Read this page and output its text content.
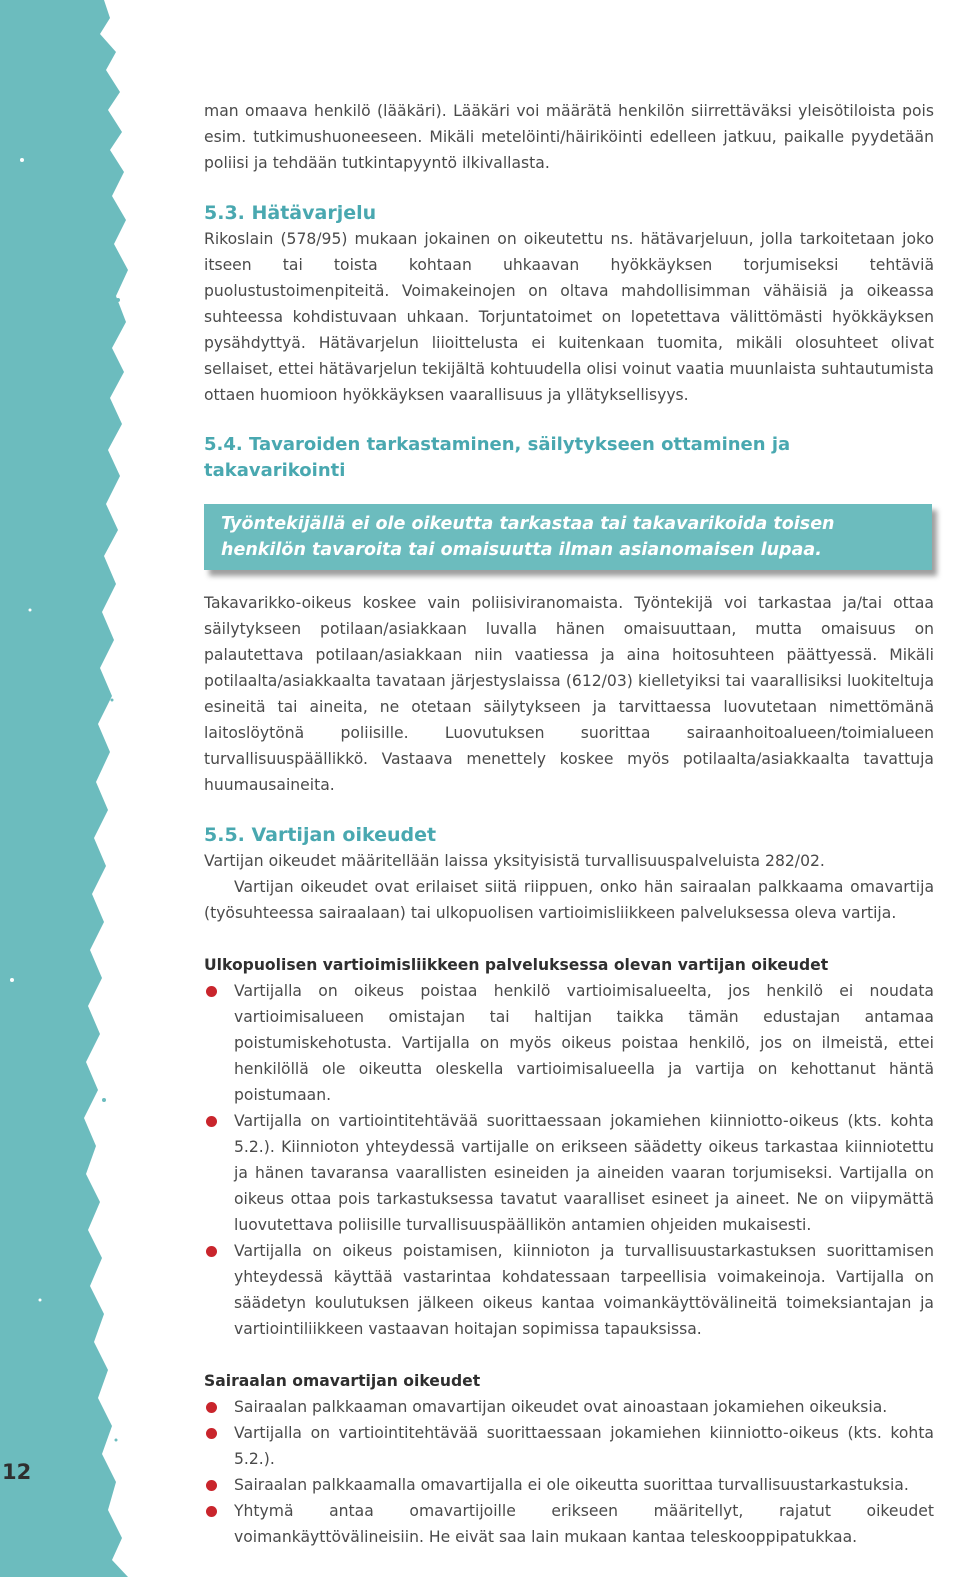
12

man omaava henkilö (lääkäri). Lääkäri voi määrätä henkilön siirrettäväksi yleisötiloista pois esim. tutkimushuoneeseen. Mikäli metelöinti/häiriköinti edelleen jatkuu, paikalle pyydetään poliisi ja tehdään tutkintapyyntö ilkivallasta.

5.3. Hätävarjelu

Rikoslain (578/95) mukaan jokainen on oikeutettu ns. hätävarjeluun, jolla tarkoitetaan joko itseen tai toista kohtaan uhkaavan hyökkäyksen torjumiseksi tehtäviä puolustustoimenpiteitä. Voimakeinojen on oltava mahdollisimman vähäisiä ja oikeassa suhteessa kohdistuvaan uhkaan. Torjuntatoimet on lopetettava välittömästi hyökkäyksen pysähdyttyä. Hätävarjelun liioittelusta ei kuitenkaan tuomita, mikäli olosuhteet olivat sellaiset, ettei hätävarjelun tekijältä kohtuudella olisi voinut vaatia muunlaista suhtautumista ottaen huomioon hyökkäyksen vaarallisuus ja yllätyksellisyys.

5.4. Tavaroiden tarkastaminen, säilytykseen ottaminen ja takavarikointi
Työntekijällä ei ole oikeutta tarkastaa tai takavarikoida toisen henkilön tavaroita tai omaisuutta ilman asianomaisen lupaa.

Takavarikko-oikeus koskee vain poliisiviranomaista. Työntekijä voi tarkastaa ja/tai ottaa säilytykseen potilaan/asiakkaan luvalla hänen omaisuuttaan, mutta omaisuus on palautettava potilaan/asiakkaan niin vaatiessa ja aina hoitosuhteen päättyessä. Mikäli potilaalta/asiakkaalta tavataan järjestyslaissa (612/03) kielletyiksi tai vaarallisiksi luokiteltuja esineitä tai aineita, ne otetaan säilytykseen ja tarvittaessa luovutetaan nimettömänä laitoslöytönä poliisille. Luovutuksen suorittaa sairaanhoitoalueen/toimialueen turvallisuuspäällikkö. Vastaava menettely koskee myös potilaalta/asiakkaalta tavattuja huumausaineita.

5.5. Vartijan oikeudet

Vartijan oikeudet määritellään laissa yksityisistä turvallisuuspalveluista 282/02.

Vartijan oikeudet ovat erilaiset siitä riippuen, onko hän sairaalan palkkaama omavartija (työsuhteessa sairaalaan) tai ulkopuolisen vartioimisliikkeen palveluksessa oleva vartija.

Ulkopuolisen vartioimisliikkeen palveluksessa olevan vartijan oikeudet
Vartijalla on oikeus poistaa henkilö vartioimisalueelta, jos henkilö ei noudata vartioimisalueen omistajan tai haltijan taikka tämän edustajan antamaa poistumiskehotusta. Vartijalla on myös oikeus poistaa henkilö, jos on ilmeistä, ettei henkilöllä ole oikeutta oleskella vartioimisalueella ja vartija on kehottanut häntä poistumaan.
Vartijalla on vartiointitehtävää suorittaessaan jokamiehen kiinniotto-oikeus (kts. kohta 5.2.). Kiinnioton yhteydessä vartijalle on erikseen säädetty oikeus tarkastaa kiinniotettu ja hänen tavaransa vaarallisten esineiden ja aineiden vaaran torjumiseksi. Vartijalla on oikeus ottaa pois tarkastuksessa tavatut vaaralliset esineet ja aineet. Ne on viipymättä luovutettava poliisille turvallisuuspäällikön antamien ohjeiden mukaisesti.
Vartijalla on oikeus poistamisen, kiinnioton ja turvallisuustarkastuksen suorittamisen yhteydessä käyttää vastarintaa kohdatessaan tarpeellisia voimakeinoja. Vartijalla on säädetyn koulutuksen jälkeen oikeus kantaa voimankäyttövälineitä toimeksiantajan ja vartiointiliikkeen vastaavan hoitajan sopimissa tapauksissa.
Sairaalan omavartijan oikeudet
Sairaalan palkkaaman omavartijan oikeudet ovat ainoastaan jokamiehen oikeuksia.
Vartijalla on vartiointitehtävää suorittaessaan jokamiehen kiinniotto-oikeus (kts. kohta 5.2.).
Sairaalan palkkaamalla omavartijalla ei ole oikeutta suorittaa turvallisuustarkastuksia.
Yhtymä antaa omavartijoille erikseen määritellyt, rajatut oikeudet voimankäyttövälineisiin. He eivät saa lain mukaan kantaa teleskooppipatukkaa.
